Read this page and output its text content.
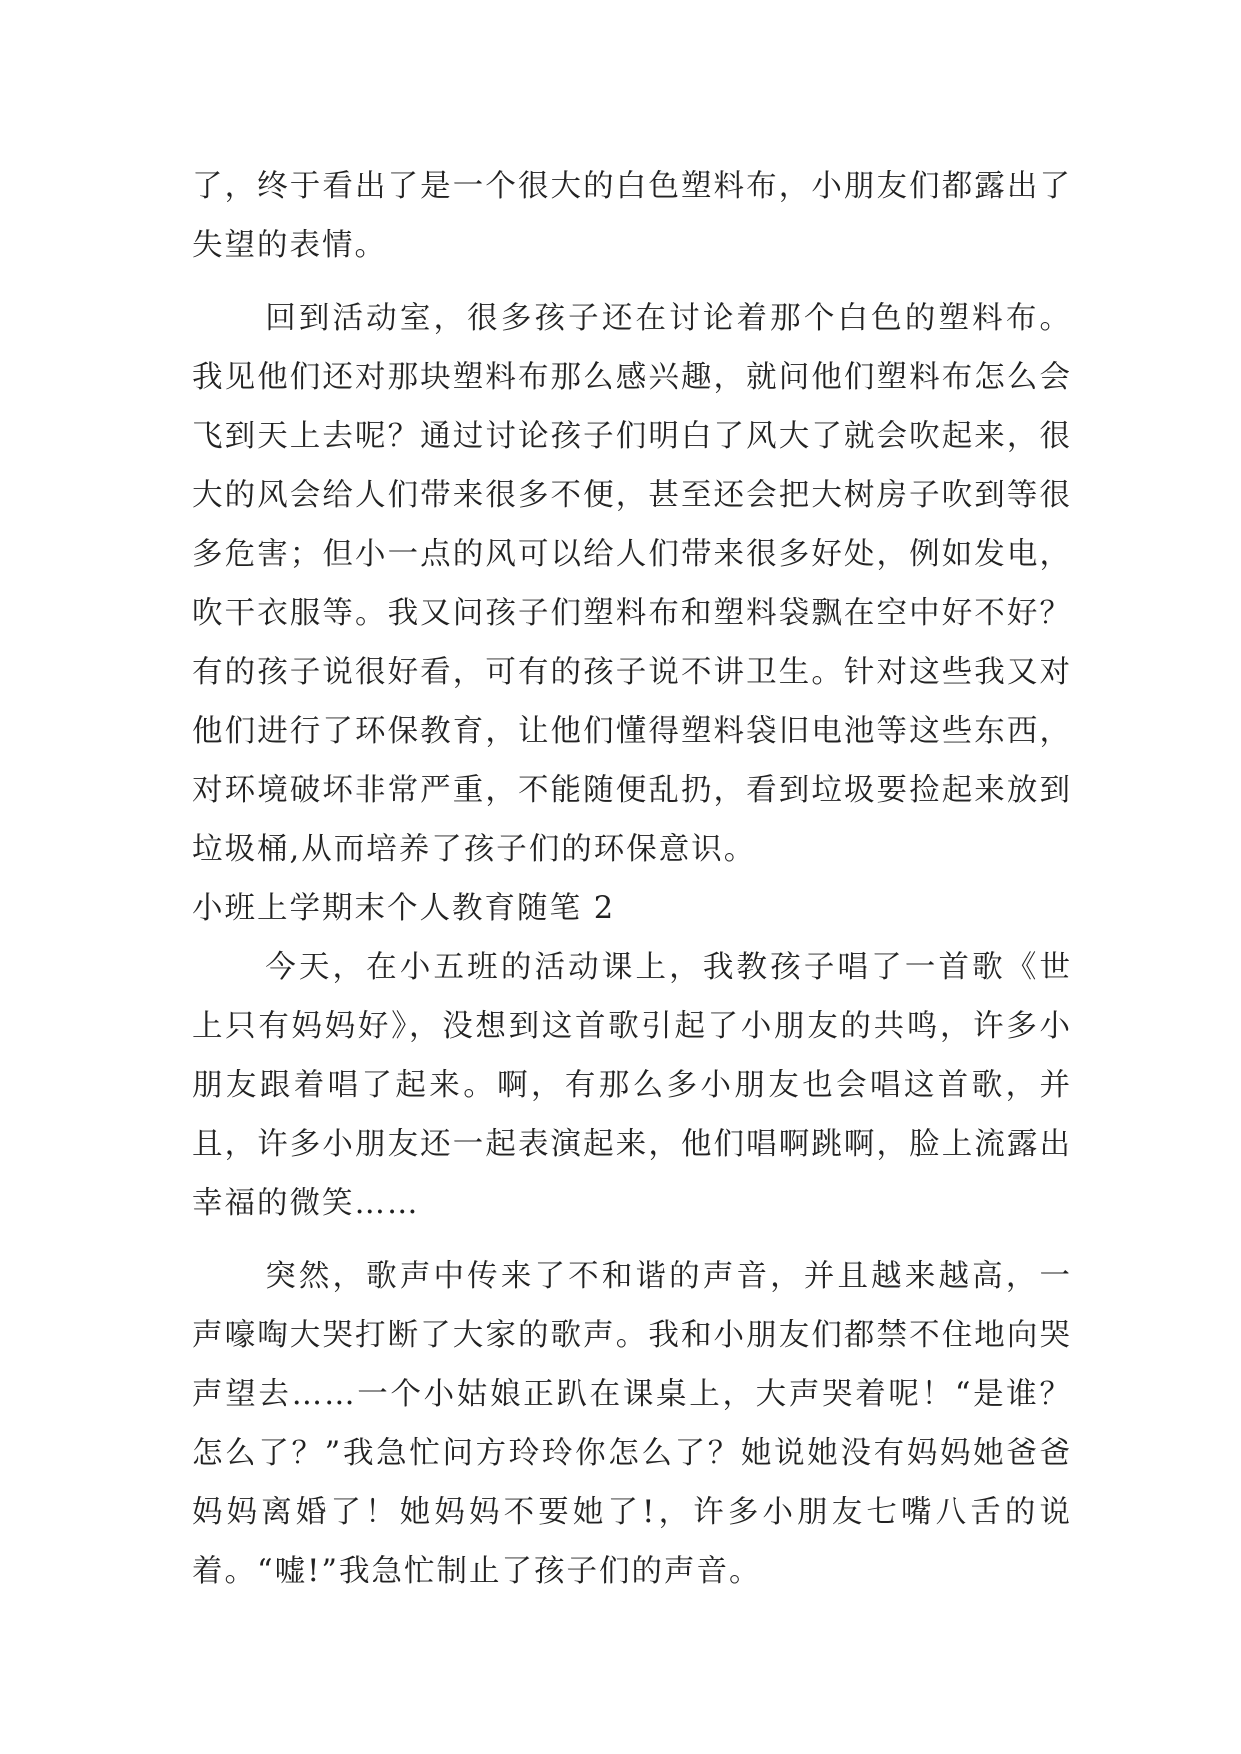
了，终于看出了是一个很大的白色塑料布，小朋友们都露出了失望的表情。

回到活动室，很多孩子还在讨论着那个白色的塑料布。我见他们还对那块塑料布那么感兴趣，就问他们塑料布怎么会飞到天上去呢？通过讨论孩子们明白了风大了就会吹起来，很大的风会给人们带来很多不便，甚至还会把大树房子吹到等很多危害；但小一点的风可以给人们带来很多好处，例如发电，吹干衣服等。我又问孩子们塑料布和塑料袋飘在空中好不好？有的孩子说很好看，可有的孩子说不讲卫生。针对这些我又对他们进行了环保教育，让他们懂得塑料袋旧电池等这些东西，对环境破坏非常严重，不能随便乱扔，看到垃圾要捡起来放到垃圾桶,从而培养了孩子们的环保意识。

小班上学期末个人教育随笔 2

今天，在小五班的活动课上，我教孩子唱了一首歌《世上只有妈妈好》，没想到这首歌引起了小朋友的共鸣，许多小朋友跟着唱了起来。啊，有那么多小朋友也会唱这首歌，并且，许多小朋友还一起表演起来，他们唱啊跳啊，脸上流露出幸福的微笑……

突然，歌声中传来了不和谐的声音，并且越来越高，一声嚎啕大哭打断了大家的歌声。我和小朋友们都禁不住地向哭声望去……一个小姑娘正趴在课桌上，大声哭着呢！“是谁？怎么了？”我急忙问方玲玲你怎么了？她说她没有妈妈她爸爸妈妈离婚了！她妈妈不要她了!，许多小朋友七嘴八舌的说着。“嘘!”我急忙制止了孩子们的声音。
